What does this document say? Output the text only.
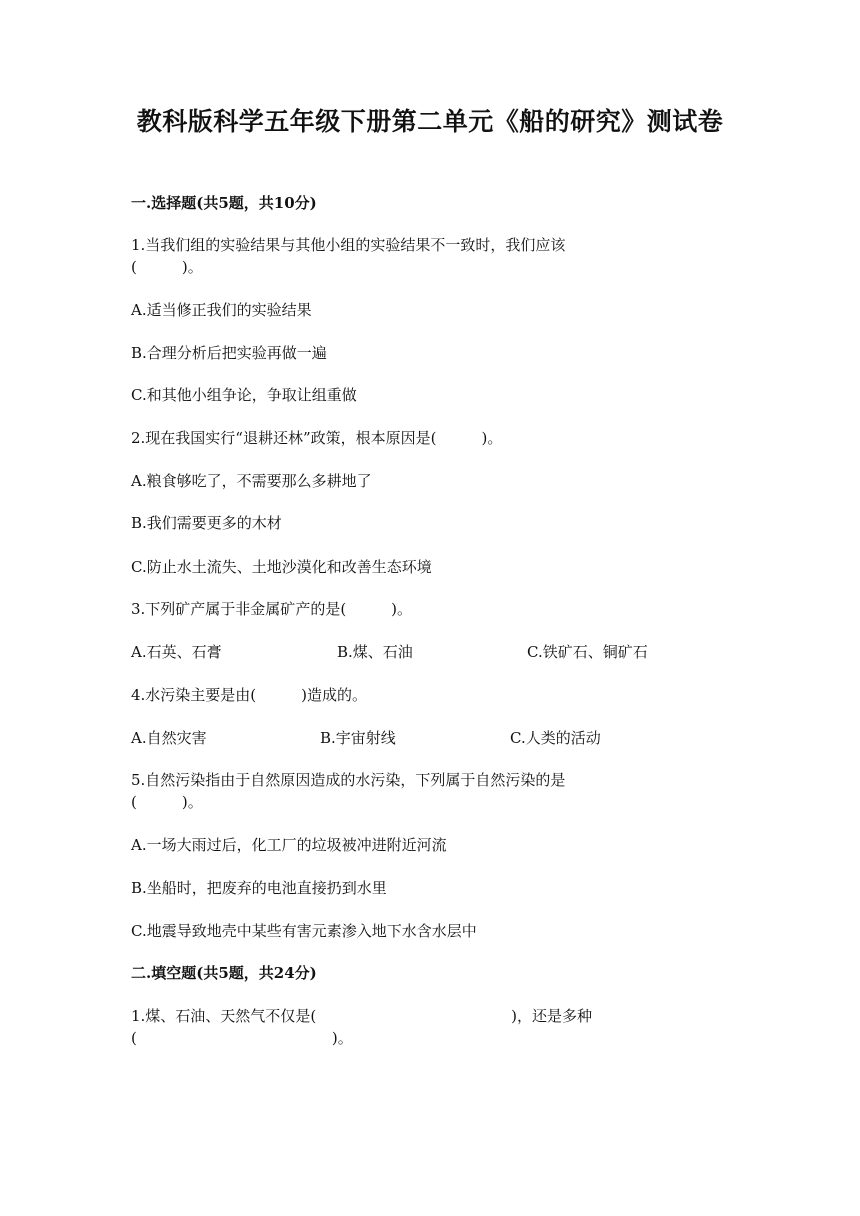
教科版科学五年级下册第二单元《船的研究》测试卷
一.选择题(共5题，共10分)
1.当我们组的实验结果与其他小组的实验结果不一致时，我们应该
(　　　)。
A.适当修正我们的实验结果
B.合理分析后把实验再做一遍
C.和其他小组争论，争取让组重做
2.现在我国实行“退耕还林”政策，根本原因是(　　　)。
A.粮食够吃了，不需要那么多耕地了
B.我们需要更多的木材
C.防止水土流失、土地沙漠化和改善生态环境
3.下列矿产属于非金属矿产的是(　　　)。
A.石英、石膏	B.煤、石油	C.铁矿石、铜矿石
4.水污染主要是由(　　　)造成的。
A.自然灾害	B.宇宙射线	C.人类的活动
5.自然污染指由于自然原因造成的水污染，下列属于自然污染的是
(　　　)。
A.一场大雨过后，化工厂的垃圾被冲进附近河流
B.坐船时，把废弃的电池直接扔到水里
C.地震导致地壳中某些有害元素渗入地下水含水层中
二.填空题(共5题，共24分)
1.煤、石油、天然气不仅是(　　　　　　　　　　　　　)，还是多种
(　　　　　　　　　　　　　)。
